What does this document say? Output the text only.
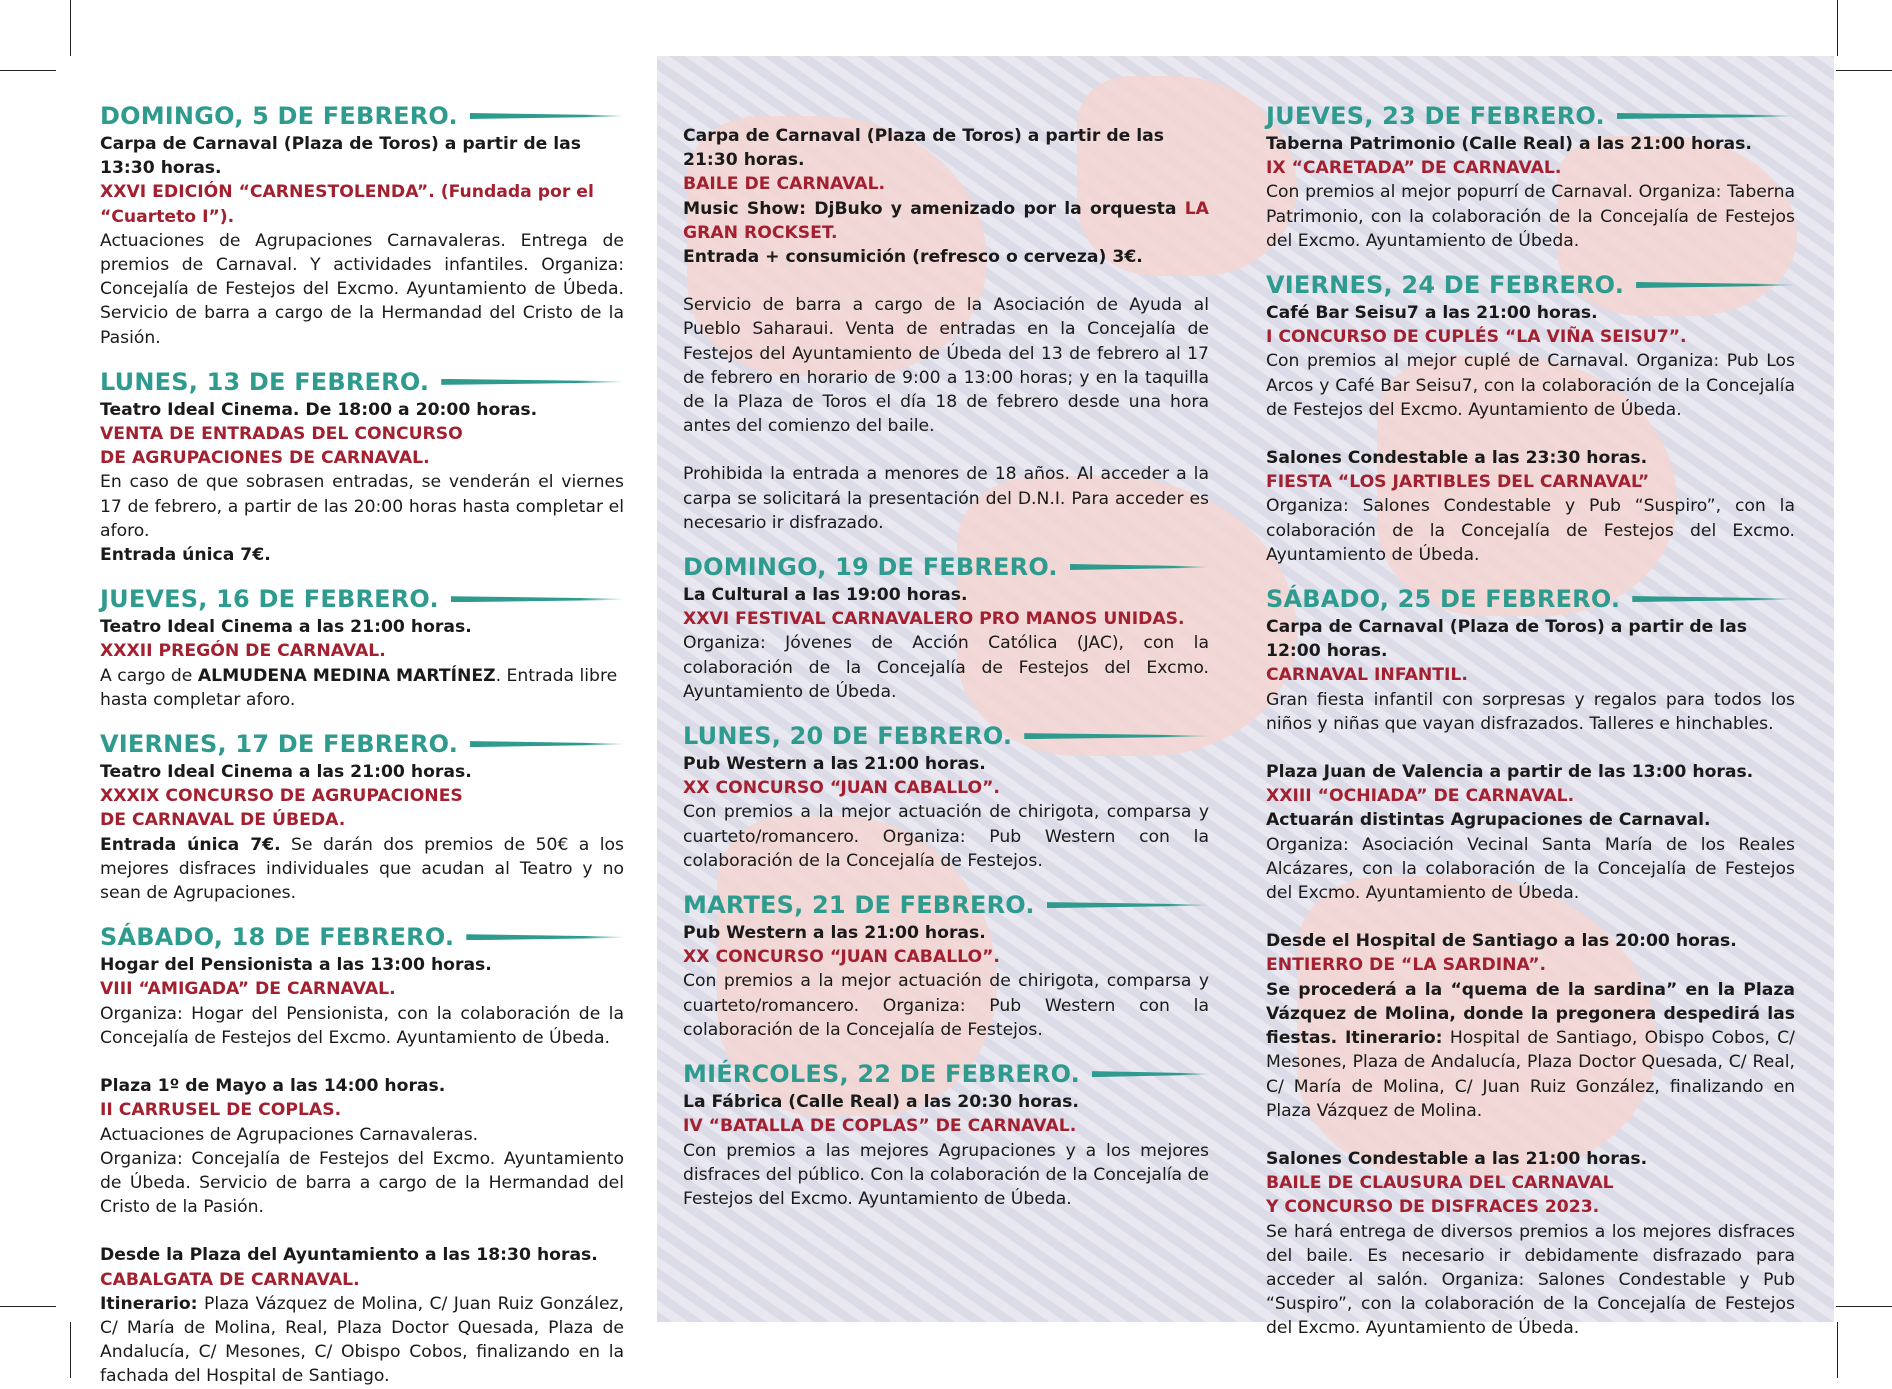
DOMINGO, 5 DE FEBRERO.
Carpa de Carnaval (Plaza de Toros) a partir de las 13:30 horas.
XXVI EDICIÓN “CARNESTOLENDA”. (Fundada por el “Cuarteto I”).
Actuaciones de Agrupaciones Carnavaleras. Entrega de premios de Carnaval. Y actividades infantiles. Organiza: Concejalía de Festejos del Excmo. Ayuntamiento de Úbeda. Servicio de barra a cargo de la Hermandad del Cristo de la Pasión.
LUNES, 13 DE FEBRERO.
Teatro Ideal Cinema. De 18:00 a 20:00 horas.
VENTA DE ENTRADAS DEL CONCURSO
DE AGRUPACIONES DE CARNAVAL.
En caso de que sobrasen entradas, se venderán el viernes 17 de febrero, a partir de las 20:00 horas hasta completar el aforo.
Entrada única 7€.
JUEVES, 16 DE FEBRERO.
Teatro Ideal Cinema a las 21:00 horas.
XXXII PREGÓN DE CARNAVAL.
A cargo de ALMUDENA MEDINA MARTÍNEZ. Entrada libre hasta completar aforo.
VIERNES, 17 DE FEBRERO.
Teatro Ideal Cinema a las 21:00 horas.
XXXIX CONCURSO DE AGRUPACIONES
DE CARNAVAL DE ÚBEDA.
Entrada única 7€. Se darán dos premios de 50€ a los mejores disfraces individuales que acudan al Teatro y no sean de Agrupaciones.
SÁBADO, 18 DE FEBRERO.
Hogar del Pensionista a las 13:00 horas.
VIII “AMIGADA” DE CARNAVAL.
Organiza: Hogar del Pensionista, con la colaboración de la Concejalía de Festejos del Excmo. Ayuntamiento de Úbeda.
Plaza 1º de Mayo a las 14:00 horas.
II CARRUSEL DE COPLAS.
Actuaciones de Agrupaciones Carnavaleras.
Organiza: Concejalía de Festejos del Excmo. Ayuntamiento de Úbeda. Servicio de barra a cargo de la Hermandad del Cristo de la Pasión.
Desde la Plaza del Ayuntamiento a las 18:30 horas.
CABALGATA DE CARNAVAL.
Itinerario: Plaza Vázquez de Molina, C/ Juan Ruiz González, C/ María de Molina, Real, Plaza Doctor Quesada, Plaza de Andalucía, C/ Mesones, C/ Obispo Cobos, finalizando en la fachada del Hospital de Santiago.
Carpa de Carnaval (Plaza de Toros) a partir de las 21:30 horas.
BAILE DE CARNAVAL.
Music Show: DjBuko y amenizado por la orquesta LA GRAN ROCKSET.
Entrada + consumición (refresco o cerveza) 3€.
Servicio de barra a cargo de la Asociación de Ayuda al Pueblo Saharaui. Venta de entradas en la Concejalía de Festejos del Ayuntamiento de Úbeda del 13 de febrero al 17 de febrero en horario de 9:00 a 13:00 horas; y en la taquilla de la Plaza de Toros el día 18 de febrero desde una hora antes del comienzo del baile.
Prohibida la entrada a menores de 18 años. Al acceder a la carpa se solicitará la presentación del D.N.I. Para acceder es necesario ir disfrazado.
DOMINGO, 19 DE FEBRERO.
La Cultural a las 19:00 horas.
XXVI FESTIVAL CARNAVALERO PRO MANOS UNIDAS.
Organiza: Jóvenes de Acción Católica (JAC), con la colaboración de la Concejalía de Festejos del Excmo. Ayuntamiento de Úbeda.
LUNES, 20 DE FEBRERO.
Pub Western a las 21:00 horas.
XX CONCURSO “JUAN CABALLO”.
Con premios a la mejor actuación de chirigota, comparsa y cuarteto/romancero. Organiza: Pub Western con la colaboración de la Concejalía de Festejos.
MARTES, 21 DE FEBRERO.
Pub Western a las 21:00 horas.
XX CONCURSO “JUAN CABALLO”.
Con premios a la mejor actuación de chirigota, comparsa y cuarteto/romancero. Organiza: Pub Western con la colaboración de la Concejalía de Festejos.
MIÉRCOLES, 22 DE FEBRERO.
La Fábrica (Calle Real) a las 20:30 horas.
IV “BATALLA DE COPLAS” DE CARNAVAL.
Con premios a las mejores Agrupaciones y a los mejores disfraces del público. Con la colaboración de la Concejalía de Festejos del Excmo. Ayuntamiento de Úbeda.
JUEVES, 23 DE FEBRERO.
Taberna Patrimonio (Calle Real) a las 21:00 horas.
IX “CARETADA” DE CARNAVAL.
Con premios al mejor popurrí de Carnaval. Organiza: Taberna Patrimonio, con la colaboración de la Concejalía de Festejos del Excmo. Ayuntamiento de Úbeda.
VIERNES, 24 DE FEBRERO.
Café Bar Seisu7 a las 21:00 horas.
I CONCURSO DE CUPLÉS “LA VIÑA SEISU7”.
Con premios al mejor cuplé de Carnaval. Organiza: Pub Los Arcos y Café Bar Seisu7, con la colaboración de la Concejalía de Festejos del Excmo. Ayuntamiento de Úbeda.
Salones Condestable a las 23:30 horas.
FIESTA “LOS JARTIBLES DEL CARNAVAL”
Organiza: Salones Condestable y Pub “Suspiro”, con la colaboración de la Concejalía de Festejos del Excmo. Ayuntamiento de Úbeda.
SÁBADO, 25 DE FEBRERO.
Carpa de Carnaval (Plaza de Toros) a partir de las 12:00 horas.
CARNAVAL INFANTIL.
Gran fiesta infantil con sorpresas y regalos para todos los niños y niñas que vayan disfrazados. Talleres e hinchables.
Plaza Juan de Valencia a partir de las 13:00 horas.
XXIII “OCHIADA” DE CARNAVAL.
Actuarán distintas Agrupaciones de Carnaval.
Organiza: Asociación Vecinal Santa María de los Reales Alcázares, con la colaboración de la Concejalía de Festejos del Excmo. Ayuntamiento de Úbeda.
Desde el Hospital de Santiago a las 20:00 horas.
ENTIERRO DE “LA SARDINA”.
Se procederá a la “quema de la sardina” en la Plaza Vázquez de Molina, donde la pregonera despedirá las fiestas. Itinerario: Hospital de Santiago, Obispo Cobos, C/ Mesones, Plaza de Andalucía, Plaza Doctor Quesada, C/ Real, C/ María de Molina, C/ Juan Ruiz González, finalizando en Plaza Vázquez de Molina.
Salones Condestable a las 21:00 horas.
BAILE DE CLAUSURA DEL CARNAVAL
Y CONCURSO DE DISFRACES 2023.
Se hará entrega de diversos premios a los mejores disfraces del baile. Es necesario ir debidamente disfrazado para acceder al salón. Organiza: Salones Condestable y Pub “Suspiro”, con la colaboración de la Concejalía de Festejos del Excmo. Ayuntamiento de Úbeda.
